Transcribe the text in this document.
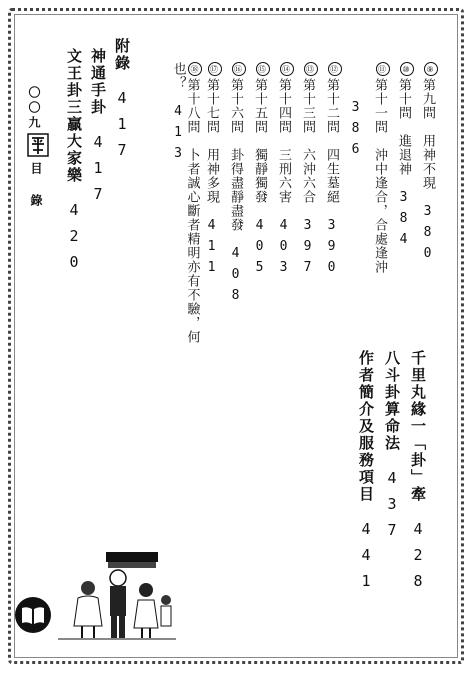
⑨第九問　用神不現　380
⑩第十問　進退神　384
⑪第十一問　沖中逢合，合處逢沖
386
⑫第十二問　四生墓絕　390
⑬第十三問　六沖六合　397
⑭第十四問　三刑六害　403
⑮第十五問　獨靜獨發　405
⑯第十六問　卦得盡靜盡發　408
⑰第十七問　用神多現　411
⑱第十八問　卜者誠心斷者精明亦有不驗，何也？　413
附錄　417
神通手卦　417
文王卦三贏大家樂　420
千里丸緣一「卦」牽　428
八斗卦算命法　437
作者簡介及服務項目　441
〇〇九
目 錄
